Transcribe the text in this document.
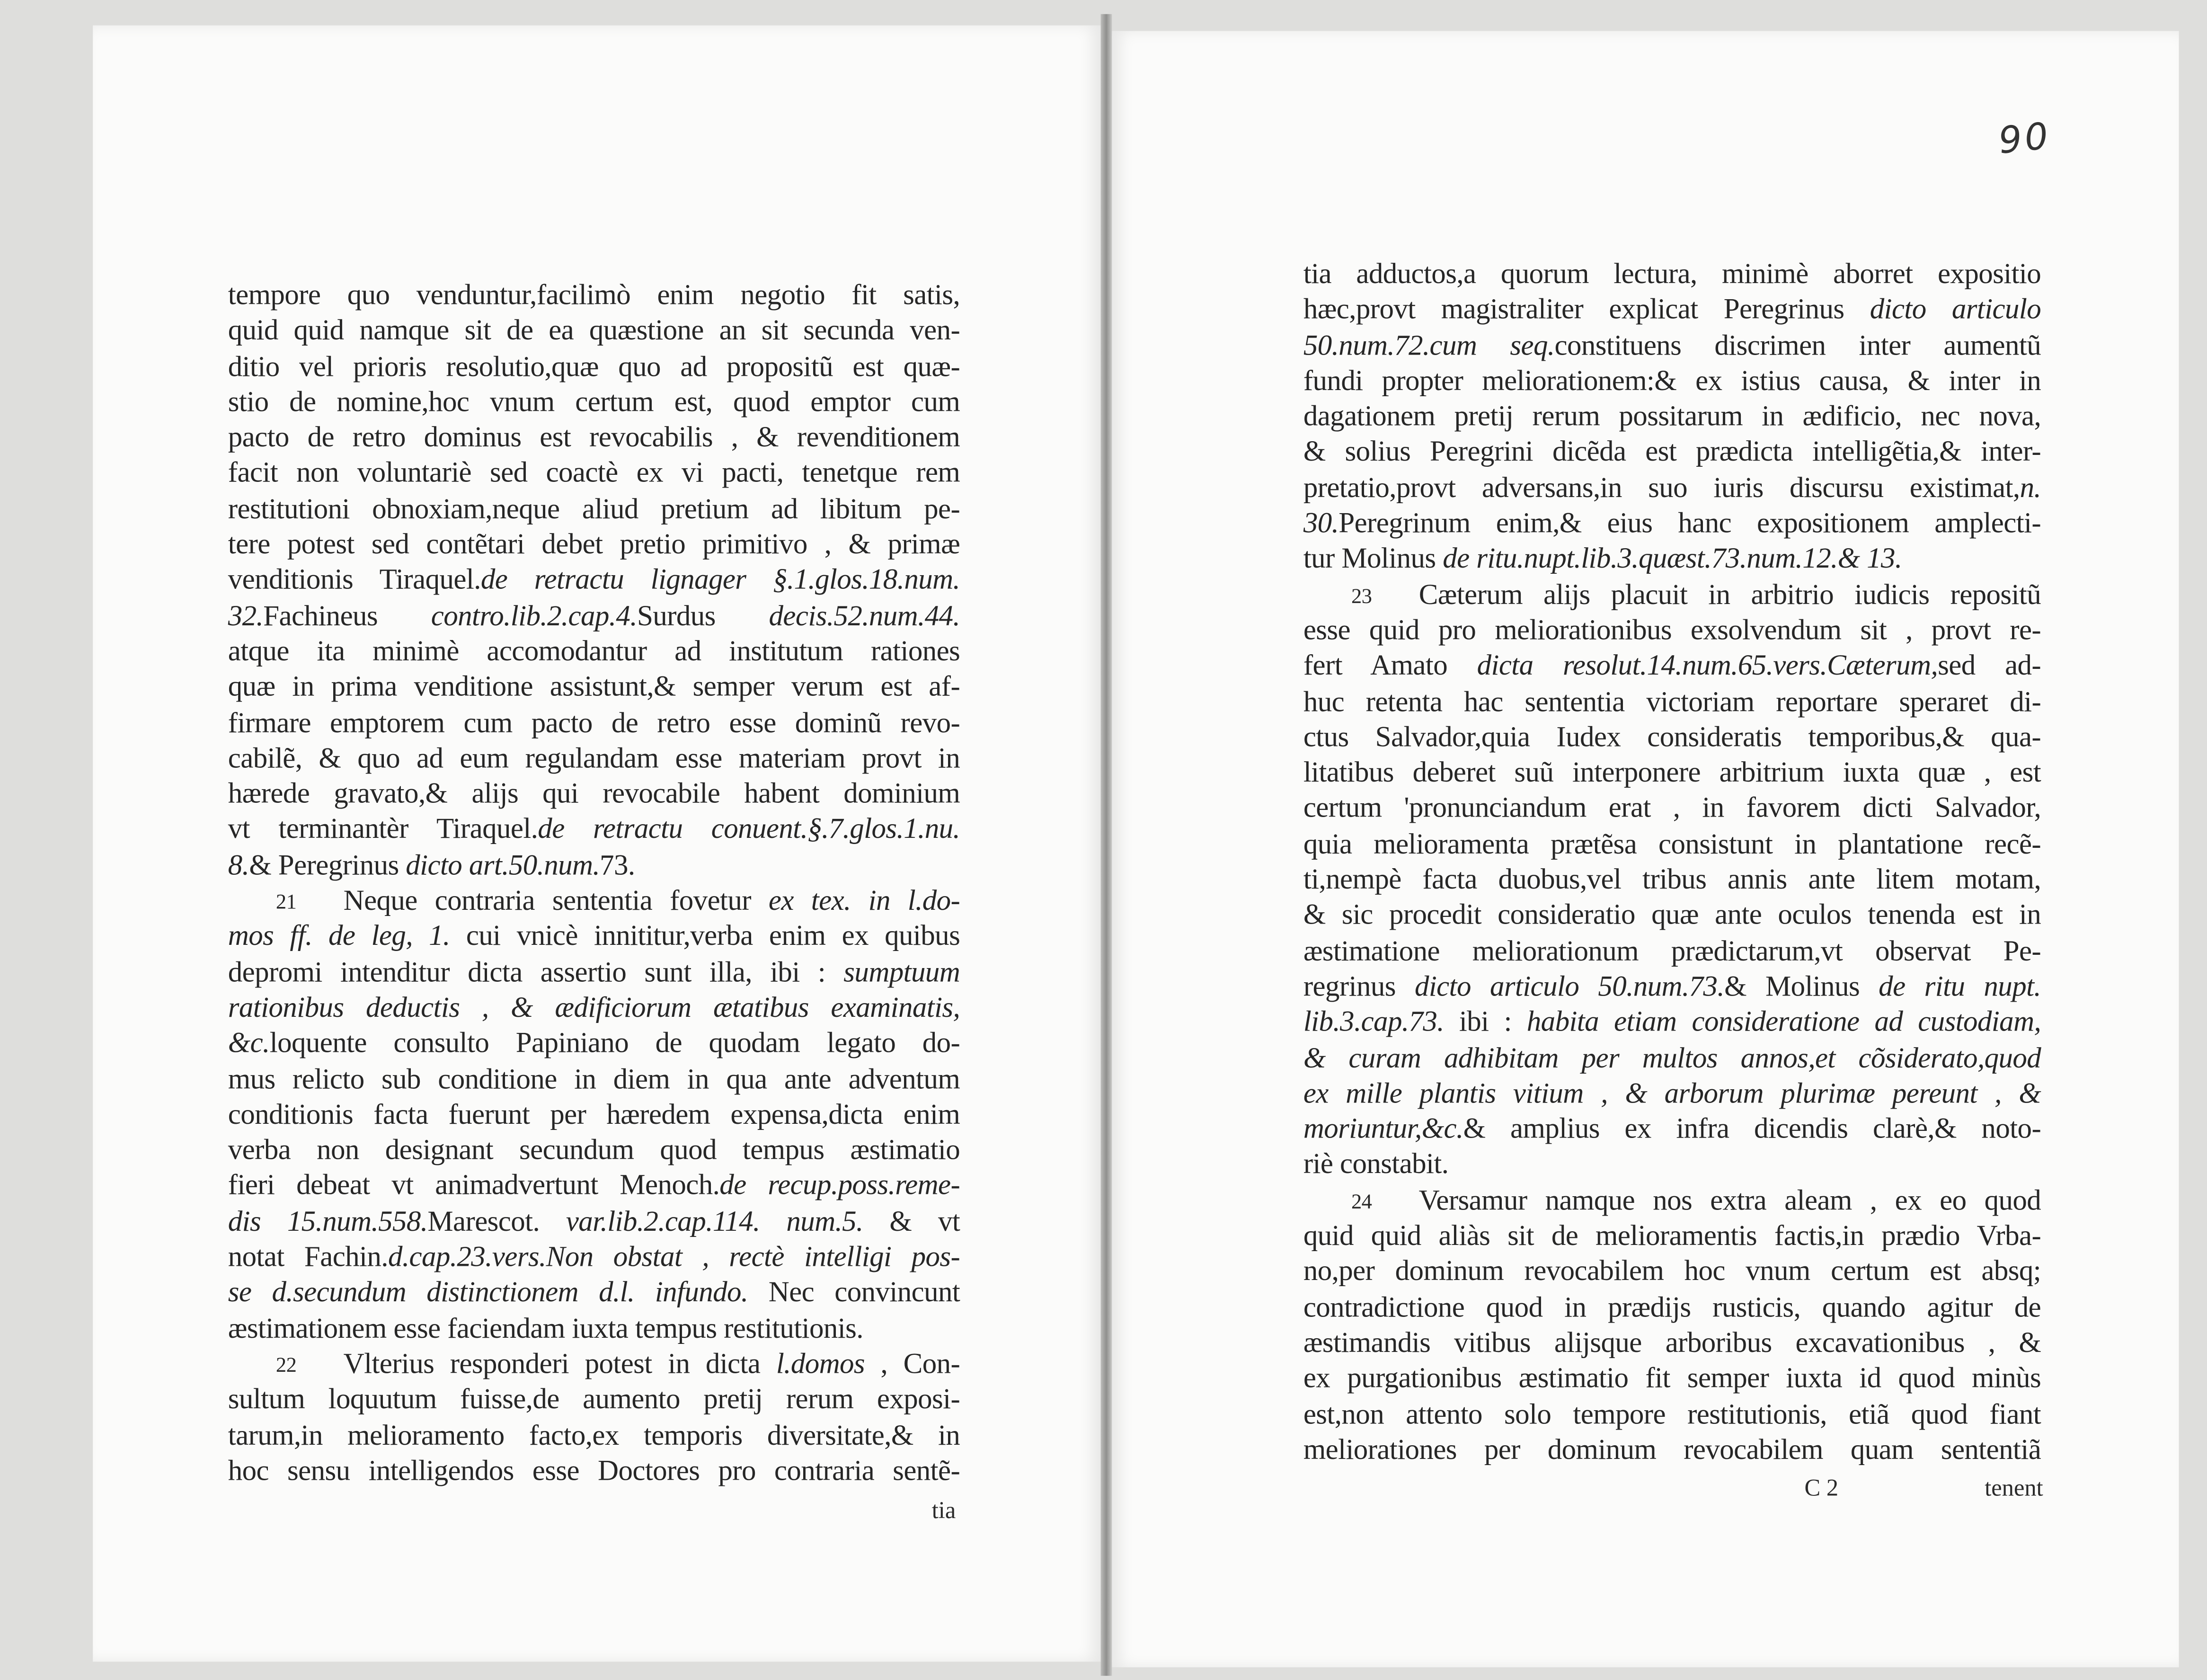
tempore quo venduntur,facilimò enim negotio fit satis,
quid quid namque sit de ea quæstione an sit secunda ven-
ditio vel prioris resolutio,quæ quo ad propositũ est quæ-
stio de nomine,hoc vnum certum est, quod emptor cum
pacto de retro dominus est revocabilis , & revenditionem
facit non voluntariè sed coactè ex vi pacti, tenetque rem
restitutioni obnoxiam,neque aliud pretium ad libitum pe-
tere potest sed contẽtari debet pretio primitivo , & primæ
venditionis Tiraquel.de retractu lignager §.1.glos.18.num.
32.Fachineus contro.lib.2.cap.4.Surdus decis.52.num.44.
atque ita minimè accomodantur ad institutum rationes
quæ in prima venditione assistunt,& semper verum est af-
firmare emptorem cum pacto de retro esse dominũ revo-
cabilẽ, & quo ad eum regulandam esse materiam provt in
hærede gravato,& alijs qui revocabile habent dominium
vt terminantèr Tiraquel.de retractu conuent.§.7.glos.1.nu.
8.& Peregrinus dicto art.50.num.73.
21	Neque contraria sententia fovetur ex tex. in l.do-
mos ff. de leg, 1. cui vnicè innititur,verba enim ex quibus
depromi intenditur dicta assertio sunt illa, ibi : sumptuum
rationibus deductis , & ædificiorum ætatibus examinatis,
&c.loquente consulto Papiniano de quodam legato do-
mus relicto sub conditione in diem in qua ante adventum
conditionis facta fuerunt per hæredem expensa,dicta enim
verba non designant secundum quod tempus æstimatio
fieri debeat vt animadvertunt Menoch.de recup.poss.reme-
dis 15.num.558.Marescot. var.lib.2.cap.114. num.5. & vt
notat Fachin.d.cap.23.vers.Non obstat , rectè intelligi pos-
se d.secundum distinctionem d.l. infundo. Nec convincunt
æstimationem esse faciendam iuxta tempus restitutionis.
22	Vlterius responderi potest in dicta l.domos , Con-
sultum loquutum fuisse,de aumento pretij rerum exposi-
tarum,in melioramento facto,ex temporis diversitate,& in
hoc sensu intelligendos esse Doctores pro contraria sentẽ-
tia
90
tia adductos,a quorum lectura, minimè aborret expositio
hæc,provt magistraliter explicat Peregrinus dicto articulo
50.num.72.cum seq.constituens discrimen inter aumentũ
fundi propter meliorationem:& ex istius causa, & inter in
dagationem pretij rerum possitarum in ædificio, nec nova,
& solius Peregrini dicẽda est prædicta intelligẽtia,& inter-
pretatio,provt adversans,in suo iuris discursu existimat,n.
30.Peregrinum enim,& eius hanc expositionem amplecti-
tur Molinus de ritu.nupt.lib.3.quæst.73.num.12.& 13.
23	Cæterum alijs placuit in arbitrio iudicis repositũ
esse quid pro meliorationibus exsolvendum sit , provt re-
fert Amato dicta resolut.14.num.65.vers.Cæterum,sed ad-
huc retenta hac sententia victoriam reportare speraret di-
ctus Salvador,quia Iudex consideratis temporibus,& qua-
litatibus deberet suũ interponere arbitrium iuxta quæ , est
certum 'pronunciandum erat , in favorem dicti Salvador,
quia melioramenta prætẽsa consistunt in plantatione recẽ-
ti,nempè facta duobus,vel tribus annis ante litem motam,
& sic procedit consideratio quæ ante oculos tenenda est in
æstimatione meliorationum prædictarum,vt observat Pe-
regrinus dicto articulo 50.num.73.& Molinus de ritu nupt.
lib.3.cap.73. ibi : habita etiam consideratione ad custodiam,
& curam adhibitam per multos annos,et cõsiderato,quod
ex mille plantis vitium , & arborum plurimæ pereunt , &
moriuntur,&c.& amplius ex infra dicendis clarè,& noto-
riè constabit.
24	Versamur namque nos extra aleam , ex eo quod
quid quid aliàs sit de melioramentis factis,in prædio Vrba-
no,per dominum revocabilem hoc vnum certum est absq;
contradictione quod in prædijs rusticis, quando agitur de
æstimandis vitibus alijsque arboribus excavationibus , &
ex purgationibus æstimatio fit semper iuxta id quod minùs
est,non attento solo tempore restitutionis, etiã quod fiant
meliorationes per dominum revocabilem quam sententiã
C 2	tenent
